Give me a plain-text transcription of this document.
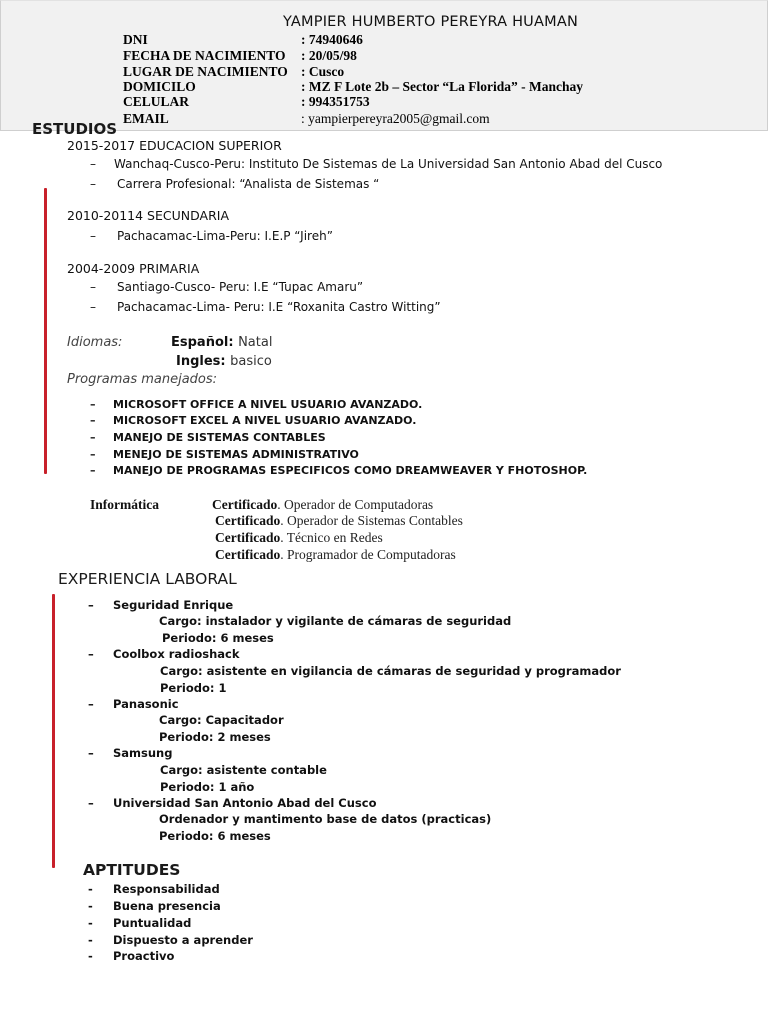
YAMPIER HUMBERTO PEREYRA HUAMAN
DNI	: 74940646
FECHA DE NACIMIENTO : 20/05/98
LUGAR DE NACIMIENTO : Cusco
DOMICILO	: MZ F Lote 2b – Sector “La Florida” - Manchay
CELULAR	: 994351753
EMAIL	: yampierpereyra2005@gmail.com
ESTUDIOS
2015-2017 EDUCACION SUPERIOR
– Wanchaq-Cusco-Peru: Instituto De Sistemas de La Universidad San Antonio Abad del Cusco
– Carrera Profesional: “Analista de Sistemas “
2010-20114 SECUNDARIA
– Pachacamac-Lima-Peru: I.E.P “Jireh”
2004-2009 PRIMARIA
– Santiago-Cusco- Peru: I.E “Tupac Amaru”
– Pachacamac-Lima- Peru: I.E “Roxanita Castro Witting”
Idiomas:	Español: Natal
Ingles: basico
Programas manejados:
– MICROSOFT OFFICE A NIVEL USUARIO AVANZADO.
– MICROSOFT EXCEL A NIVEL USUARIO AVANZADO.
– MANEJO DE SISTEMAS CONTABLES
– MENEJO DE SISTEMAS ADMINISTRATIVO
– MANEJO DE PROGRAMAS ESPECIFICOS COMO DREAMWEAVER Y FHOTOSHOP.
Informática	Certificado. Operador de Computadoras
Certificado. Operador de Sistemas Contables
Certificado. Técnico en Redes
Certificado. Programador de Computadoras
EXPERIENCIA LABORAL
– Seguridad Enrique
Cargo: instalador y vigilante de cámaras de seguridad
Periodo: 6 meses
– Coolbox radioshack
Cargo: asistente en vigilancia de cámaras de seguridad y programador
Periodo: 1
– Panasonic
Cargo: Capacitador
Periodo: 2 meses
– Samsung
Cargo: asistente contable
Periodo: 1 año
– Universidad San Antonio Abad del Cusco
Ordenador y mantimento base de datos (practicas)
Periodo: 6 meses
APTITUDES
- Responsabilidad
- Buena presencia
- Puntualidad
- Dispuesto a aprender
- Proactivo
